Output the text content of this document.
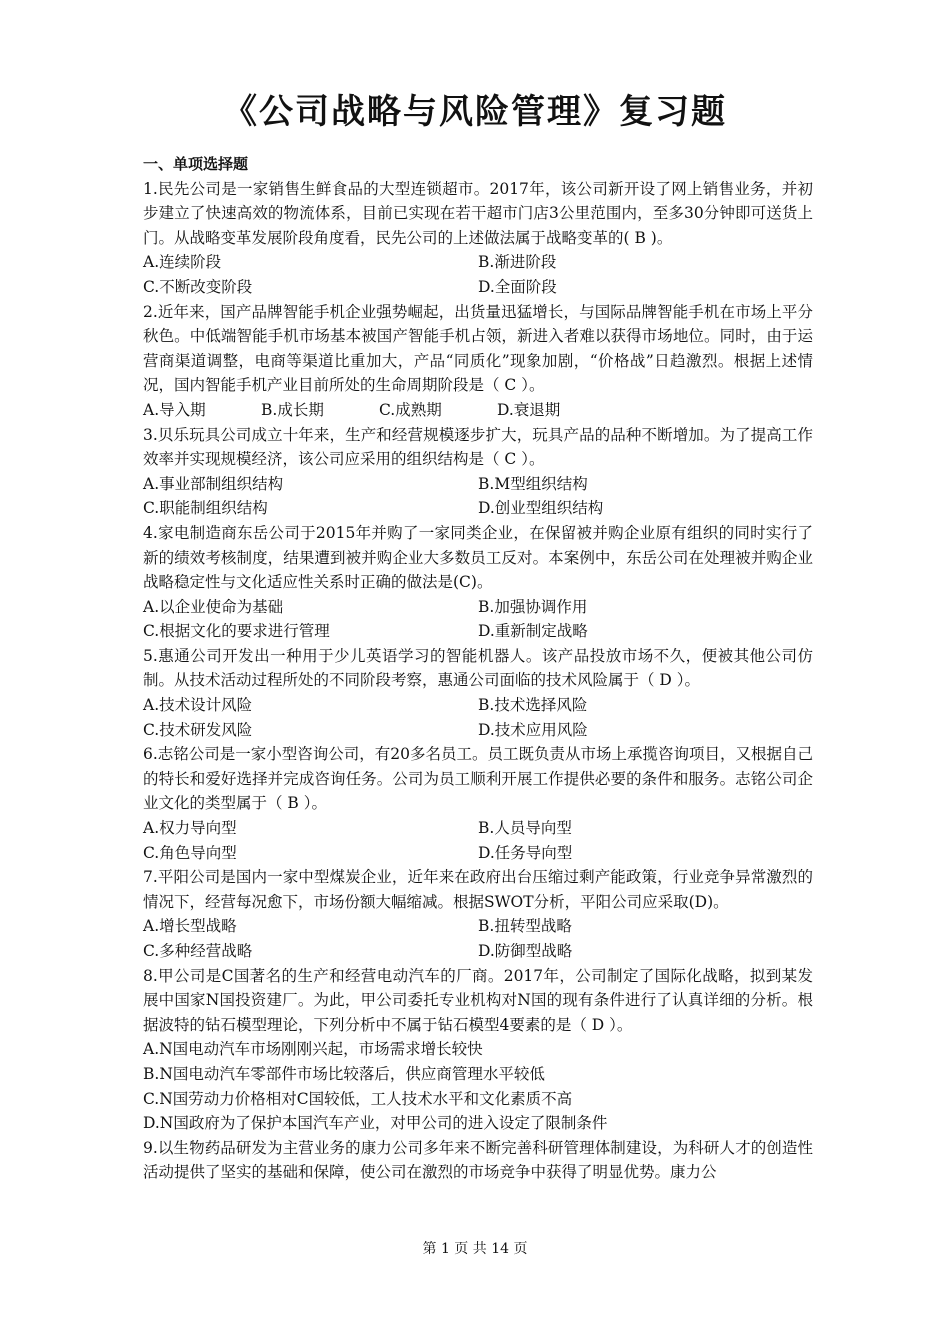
《公司战略与风险管理》复习题
一、单项选择题
1.民先公司是一家销售生鲜食品的大型连锁超市。2017年，该公司新开设了网上销售业务，并初步建立了快速高效的物流体系，目前已实现在若干超市门店3公里范围内，至多30分钟即可送货上门。从战略变革发展阶段角度看，民先公司的上述做法属于战略变革的( B )。
A.连续阶段	B.渐进阶段
C.不断改变阶段	D.全面阶段
2.近年来，国产品牌智能手机企业强势崛起，出货量迅猛增长，与国际品牌智能手机在市场上平分秋色。中低端智能手机市场基本被国产智能手机占领，新进入者难以获得市场地位。同时，由于运营商渠道调整，电商等渠道比重加大，产品“同质化”现象加剧，“价格战”日趋激烈。根据上述情况，国内智能手机产业目前所处的生命周期阶段是（ C ）。
A.导入期	B.成长期	C.成熟期	D.衰退期
3.贝乐玩具公司成立十年来，生产和经营规模逐步扩大，玩具产品的品种不断增加。为了提高工作效率并实现规模经济，该公司应采用的组织结构是（ C ）。
A.事业部制组织结构	B.M型组织结构
C.职能制组织结构	D.创业型组织结构
4.家电制造商东岳公司于2015年并购了一家同类企业，在保留被并购企业原有组织的同时实行了新的绩效考核制度，结果遭到被并购企业大多数员工反对。本案例中，东岳公司在处理被并购企业战略稳定性与文化适应性关系时正确的做法是(C)。
A.以企业使命为基础	B.加强协调作用
C.根据文化的要求进行管理	D.重新制定战略
5.惠通公司开发出一种用于少儿英语学习的智能机器人。该产品投放市场不久，便被其他公司仿制。从技术活动过程所处的不同阶段考察，惠通公司面临的技术风险属于（ D ）。
A.技术设计风险	B.技术选择风险
C.技术研发风险	D.技术应用风险
6.志铭公司是一家小型咨询公司，有20多名员工。员工既负责从市场上承揽咨询项目，又根据自己的特长和爱好选择并完成咨询任务。公司为员工顺利开展工作提供必要的条件和服务。志铭公司企业文化的类型属于（ B ）。
A.权力导向型	B.人员导向型
C.角色导向型	D.任务导向型
7.平阳公司是国内一家中型煤炭企业，近年来在政府出台压缩过剩产能政策，行业竞争异常激烈的情况下，经营每况愈下，市场份额大幅缩减。根据SWOT分析，平阳公司应采取(D)。
A.增长型战略	B.扭转型战略
C.多种经营战略	D.防御型战略
8.甲公司是C国著名的生产和经营电动汽车的厂商。2017年，公司制定了国际化战略，拟到某发展中国家N国投资建厂。为此，甲公司委托专业机构对N国的现有条件进行了认真详细的分析。根据波特的钻石模型理论，下列分析中不属于钻石模型4要素的是（ D ）。
A.N国电动汽车市场刚刚兴起，市场需求增长较快
B.N国电动汽车零部件市场比较落后，供应商管理水平较低
C.N国劳动力价格相对C国较低，工人技术水平和文化素质不高
D.N国政府为了保护本国汽车产业，对甲公司的进入设定了限制条件
9.以生物药品研发为主营业务的康力公司多年来不断完善科研管理体制建设，为科研人才的创造性活动提供了坚实的基础和保障，使公司在激烈的市场竞争中获得了明显优势。康力公
第 1 页 共 14 页
